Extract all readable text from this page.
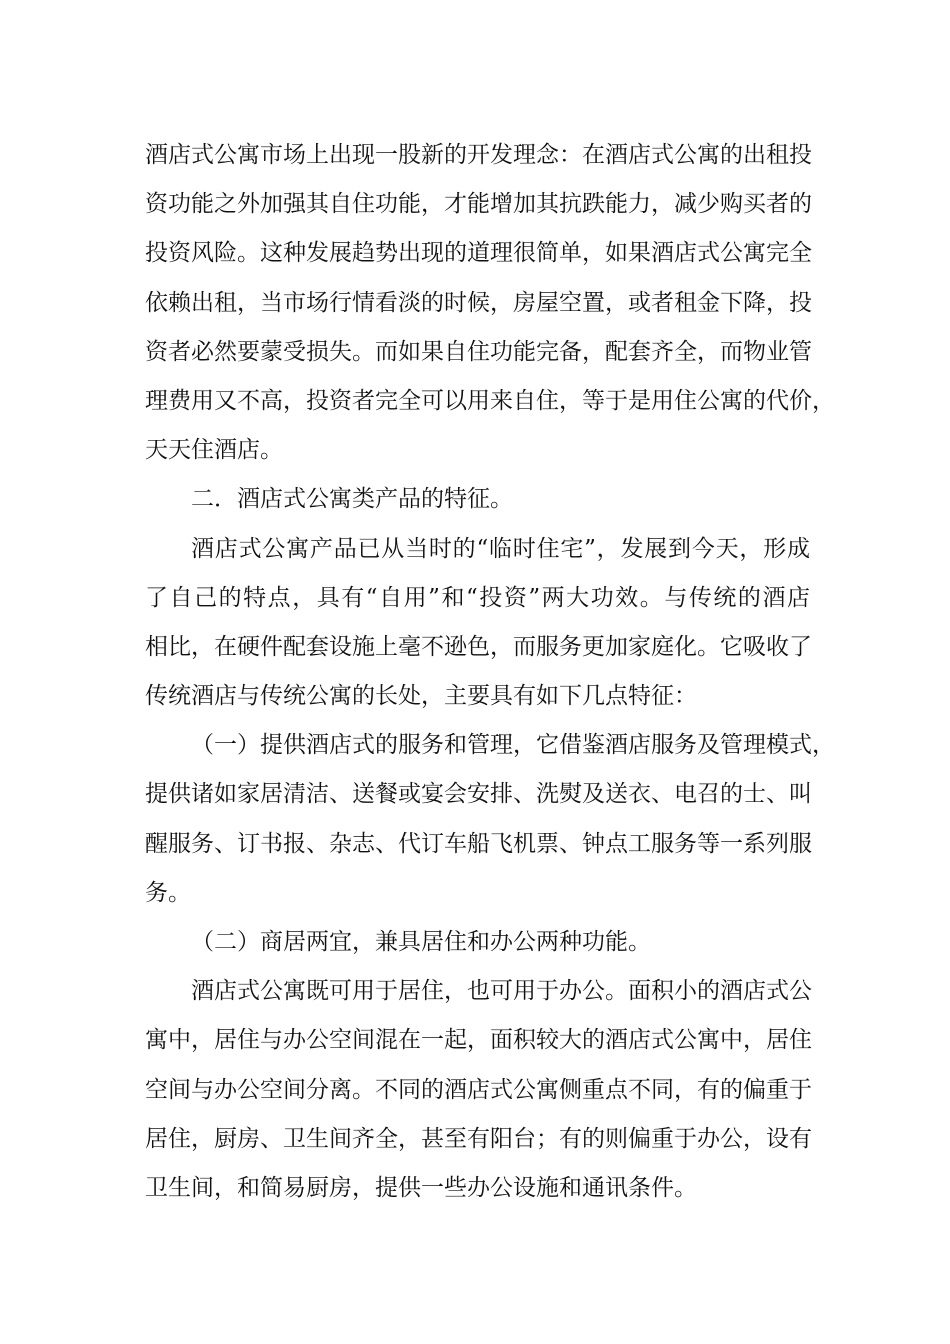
酒店式公寓市场上出现一股新的开发理念：在酒店式公寓的出租投
资功能之外加强其自住功能，才能增加其抗跌能力，减少购买者的
投资风险。这种发展趋势出现的道理很简单，如果酒店式公寓完全
依赖出租，当市场行情看淡的时候，房屋空置，或者租金下降，投
资者必然要蒙受损失。而如果自住功能完备，配套齐全，而物业管
理费用又不高，投资者完全可以用来自住，等于是用住公寓的代价，
天天住酒店。
二．酒店式公寓类产品的特征。
酒店式公寓产品已从当时的“临时住宅”，发展到今天，形成
了自己的特点，具有“自用”和“投资”两大功效。与传统的酒店
相比，在硬件配套设施上毫不逊色，而服务更加家庭化。它吸收了
传统酒店与传统公寓的长处，主要具有如下几点特征：
（一）提供酒店式的服务和管理，它借鉴酒店服务及管理模式，
提供诸如家居清洁、送餐或宴会安排、洗熨及送衣、电召的士、叫
醒服务、订书报、杂志、代订车船飞机票、钟点工服务等一系列服
务。
（二）商居两宜，兼具居住和办公两种功能。
酒店式公寓既可用于居住，也可用于办公。面积小的酒店式公
寓中，居住与办公空间混在一起，面积较大的酒店式公寓中，居住
空间与办公空间分离。不同的酒店式公寓侧重点不同，有的偏重于
居住，厨房、卫生间齐全，甚至有阳台；有的则偏重于办公，设有
卫生间，和简易厨房，提供一些办公设施和通讯条件。
